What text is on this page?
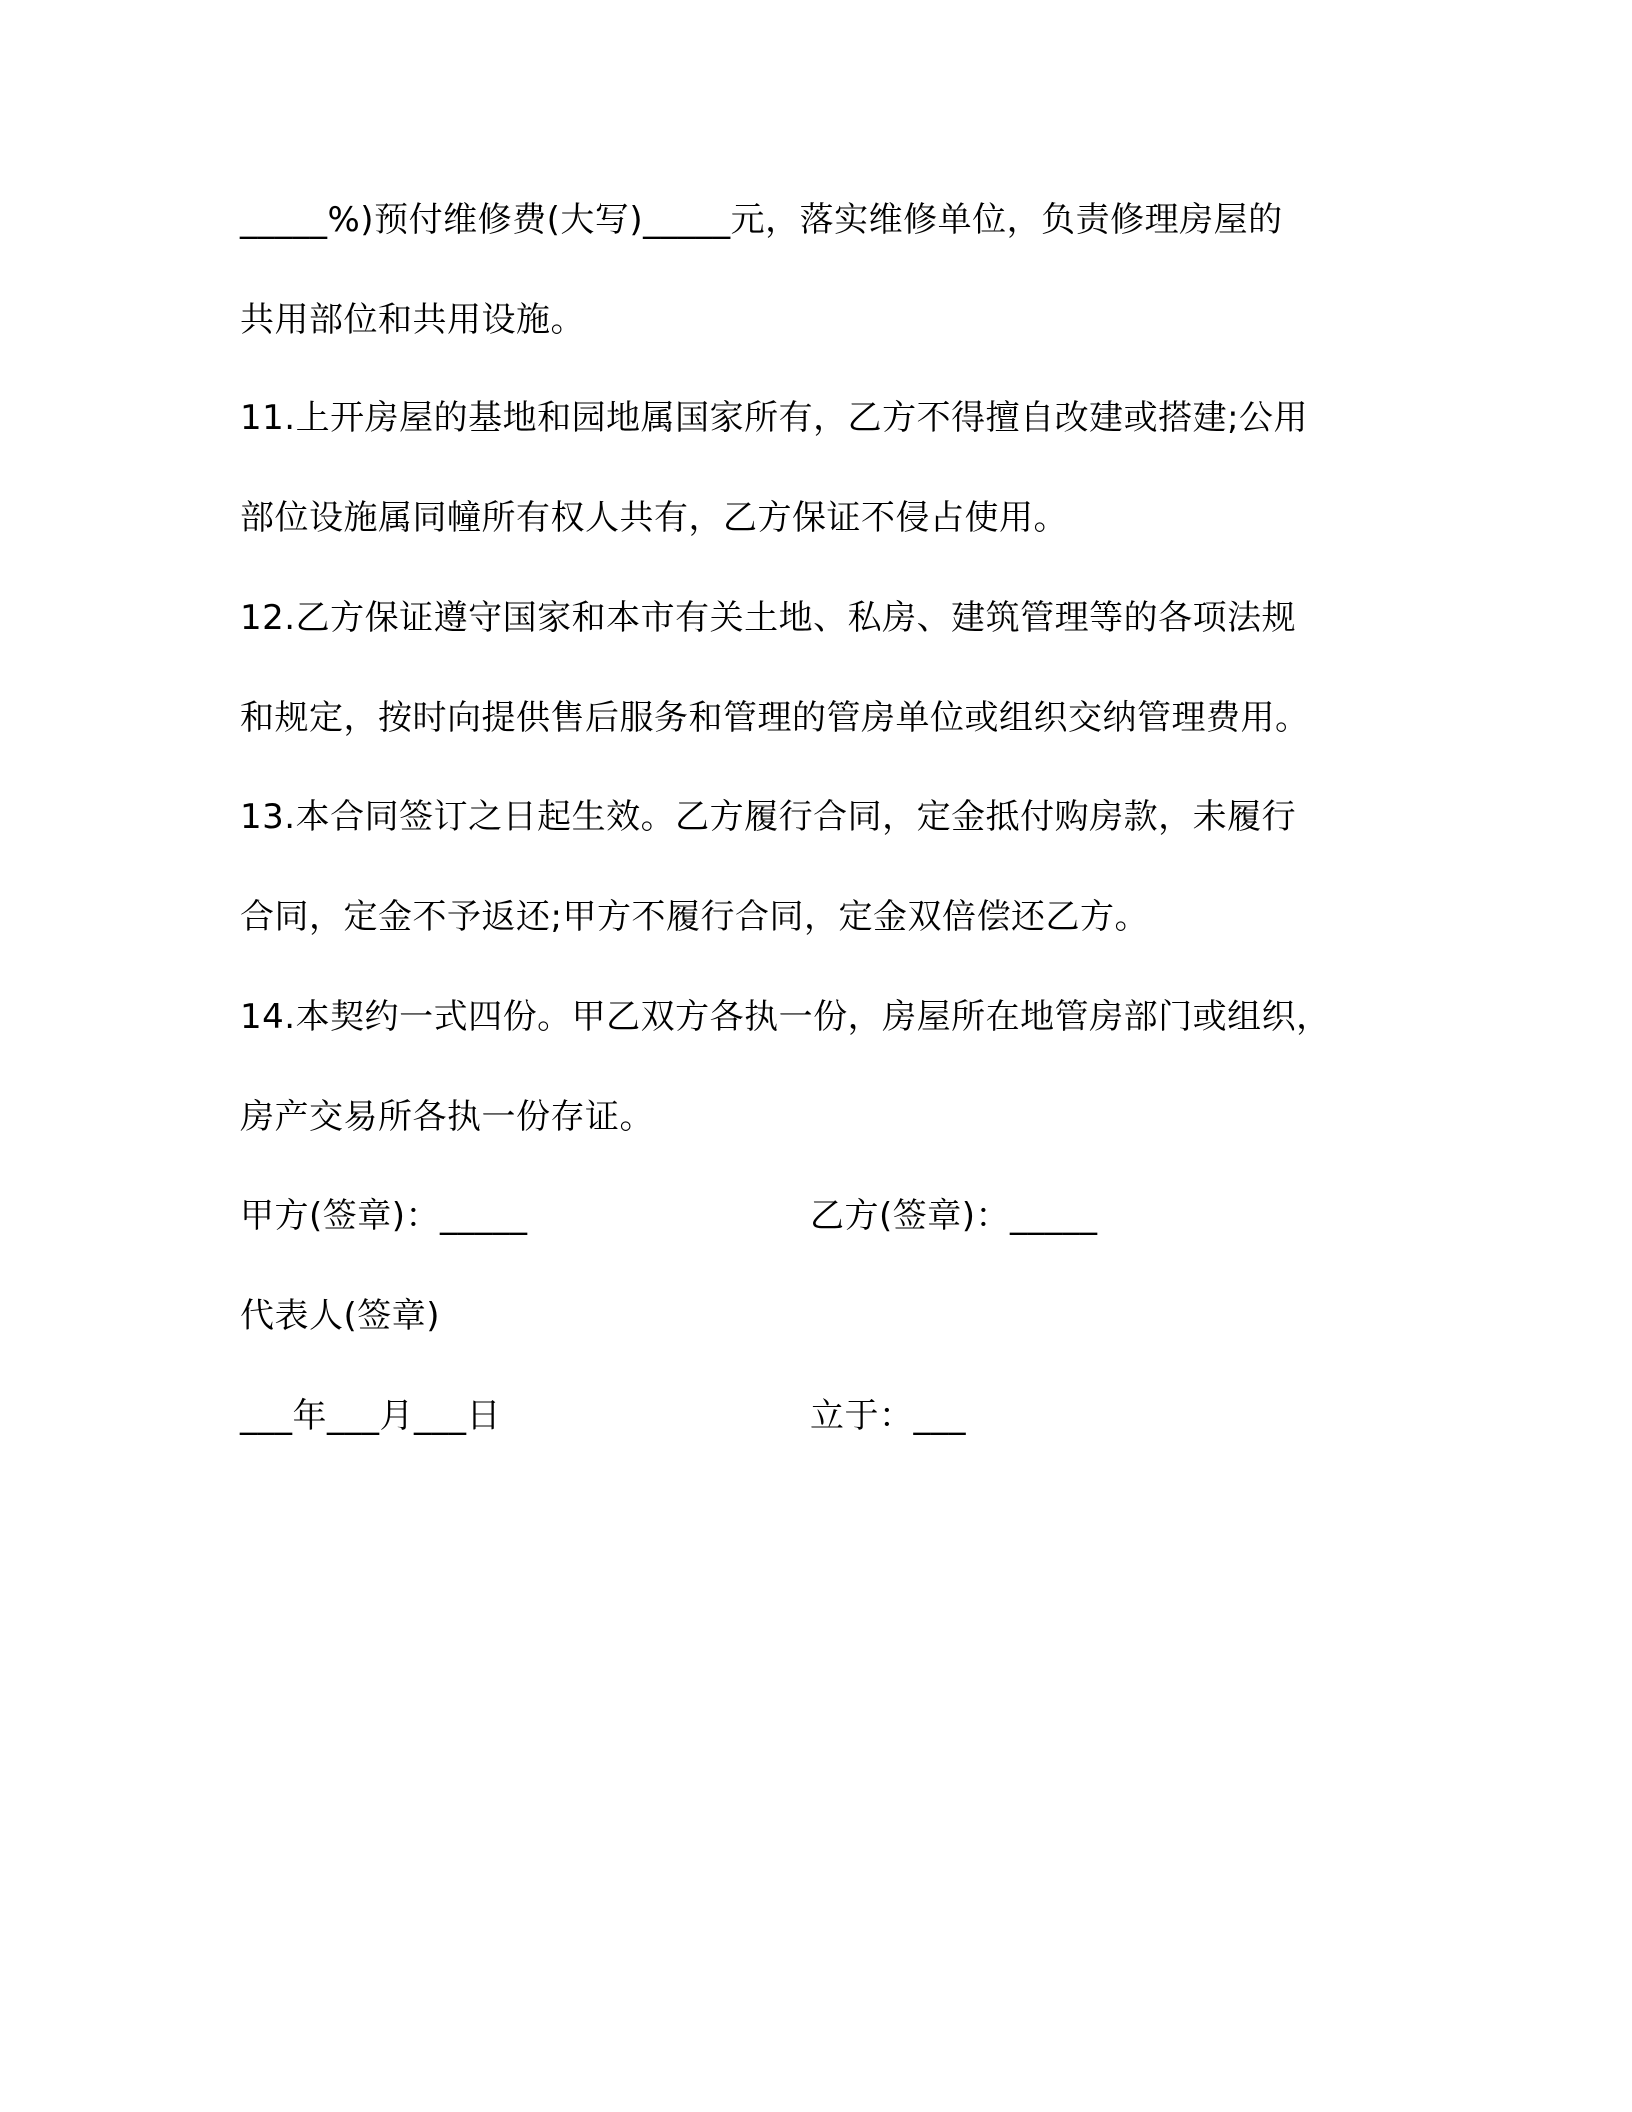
_____%)预付维修费(大写)_____元，落实维修单位，负责修理房屋的
共用部位和共用设施。
11.上开房屋的基地和园地属国家所有，乙方不得擅自改建或搭建;公用
部位设施属同幢所有权人共有，乙方保证不侵占使用。
12.乙方保证遵守国家和本市有关土地、私房、建筑管理等的各项法规
和规定，按时向提供售后服务和管理的管房单位或组织交纳管理费用。
13.本合同签订之日起生效。乙方履行合同，定金抵付购房款，未履行
合同，定金不予返还;甲方不履行合同，定金双倍偿还乙方。
14.本契约一式四份。甲乙双方各执一份，房屋所在地管房部门或组织，
房产交易所各执一份存证。
甲方(签章)：_____	乙方(签章)：_____
代表人(签章)
___年___月___日	立于：___
